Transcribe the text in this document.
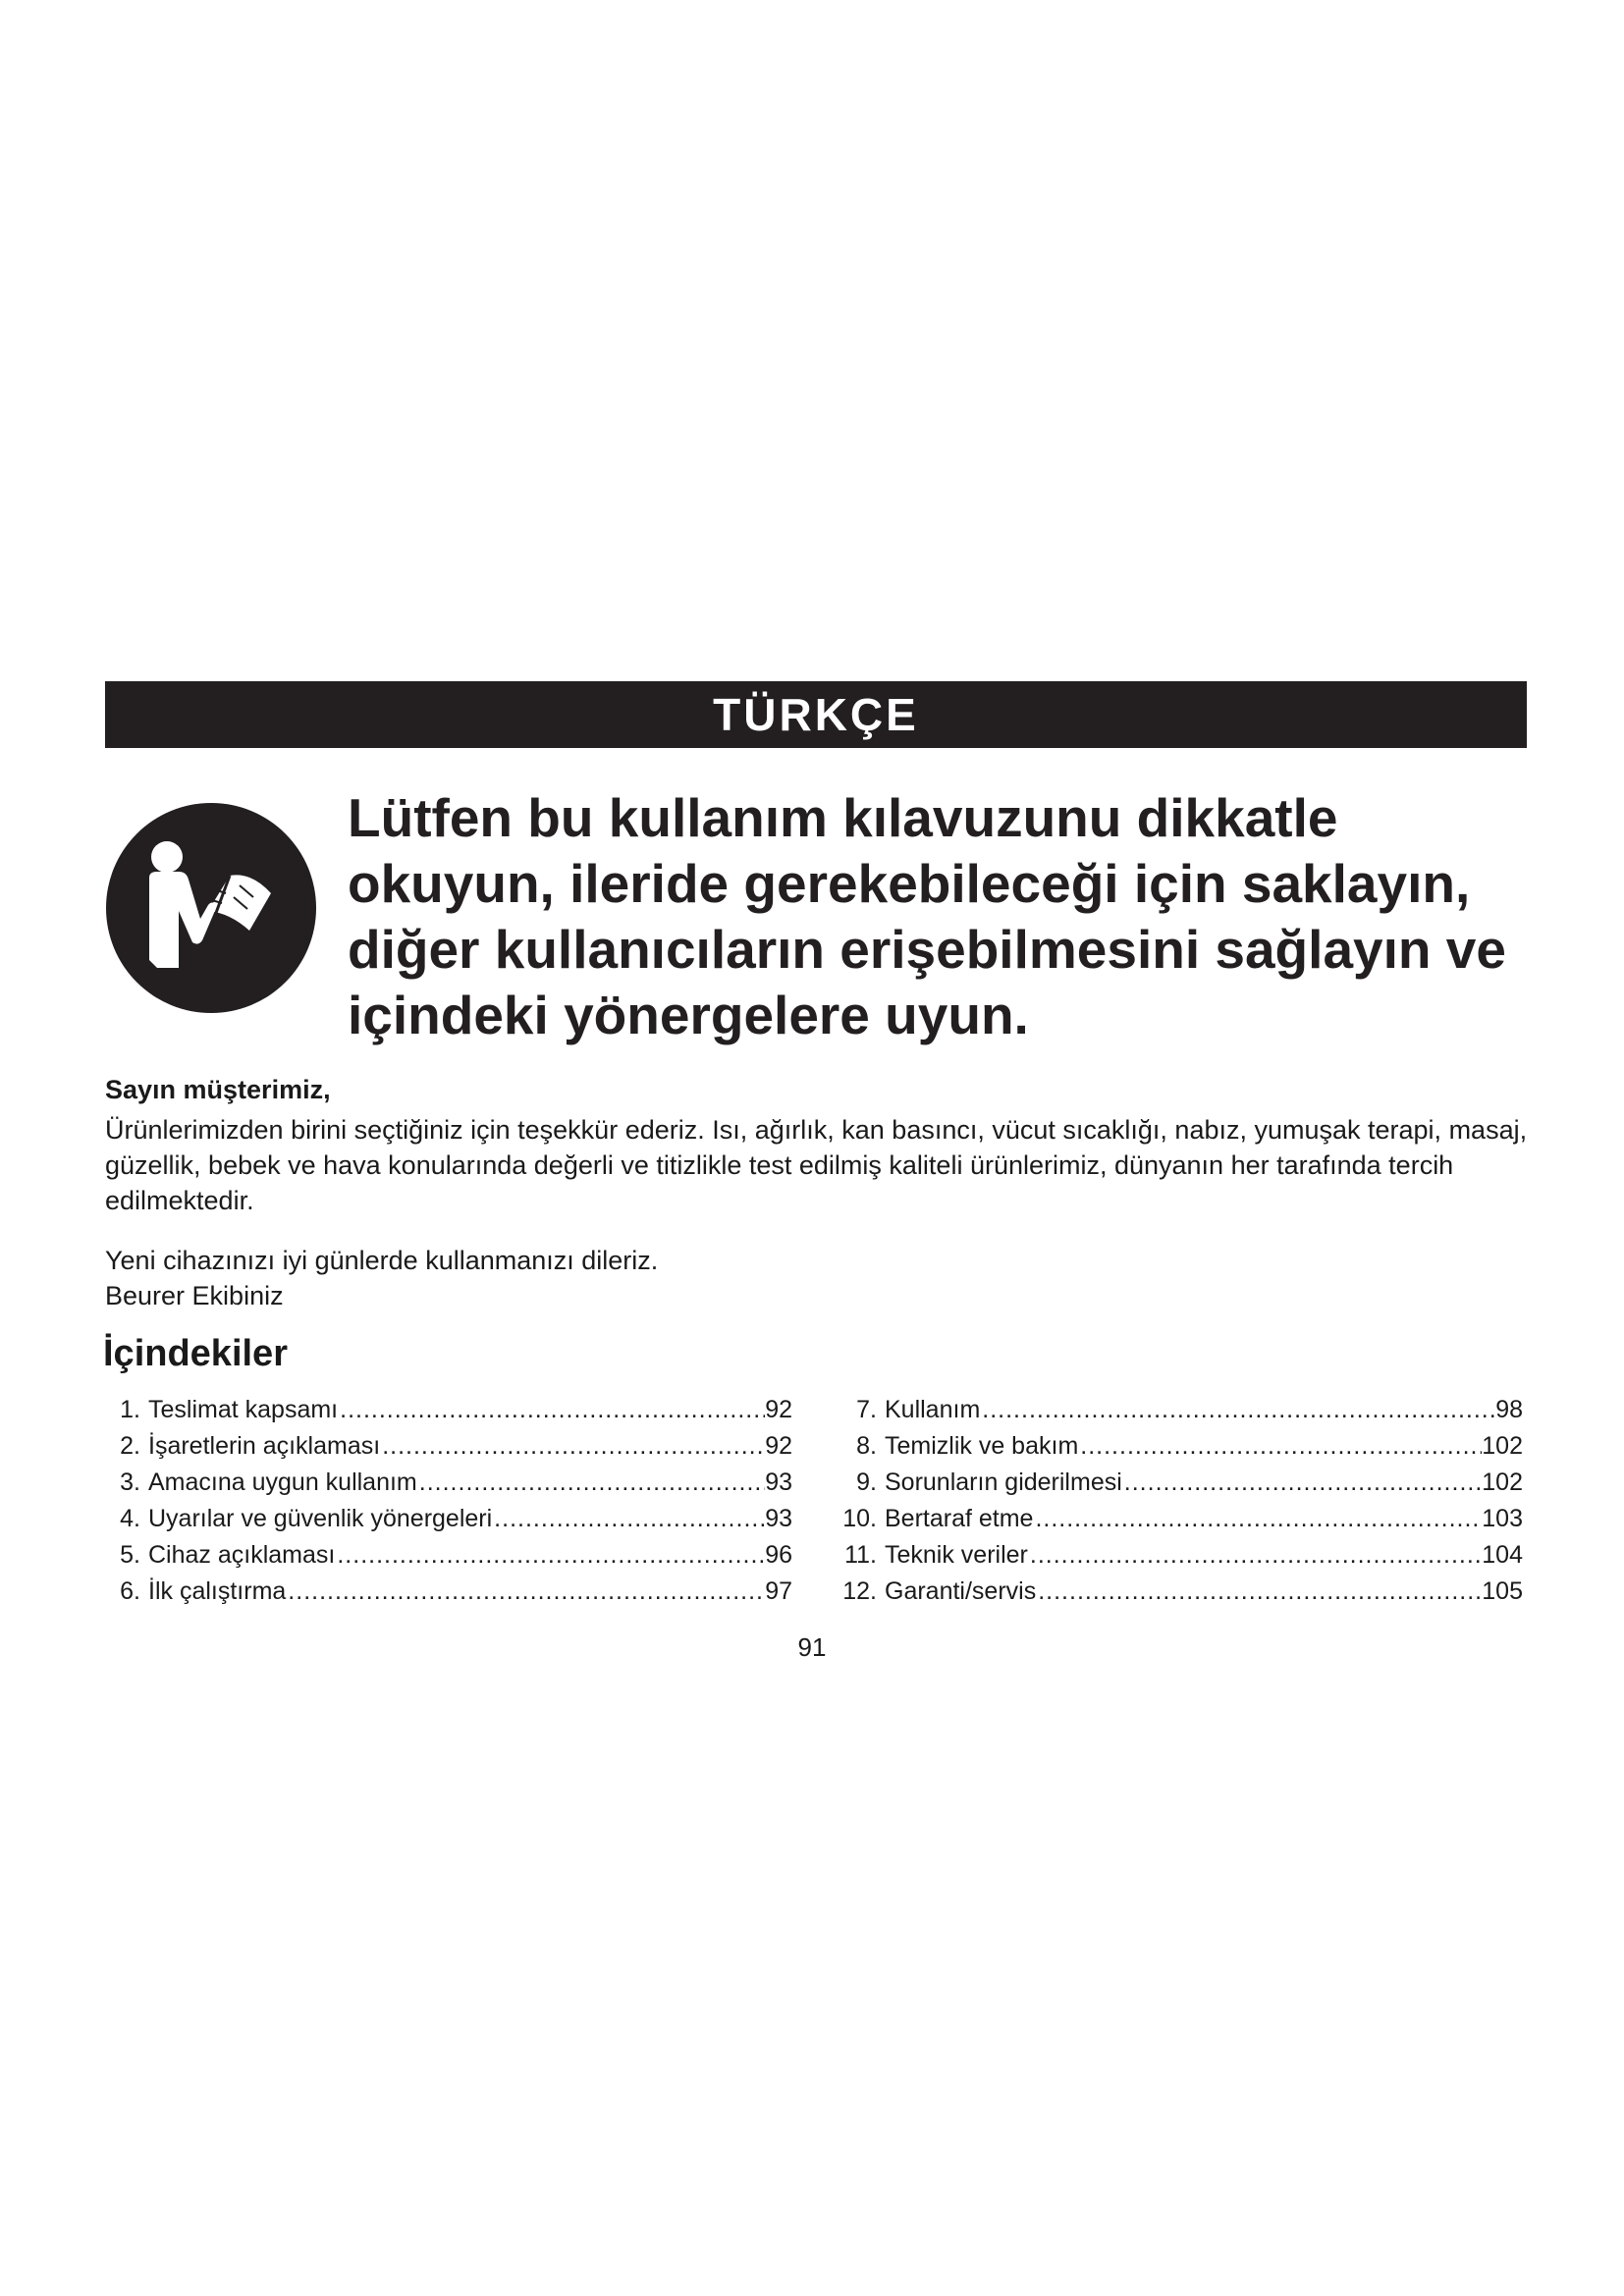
TÜRKÇE
Lütfen bu kullanım kılavuzunu dikkatle okuyun, ileride gerekebileceği için saklayın, diğer kullanıcıların erişebilmesini sağlayın ve içindeki yönergelere uyun.
Sayın müşterimiz,

Ürünlerimizden birini seçtiğiniz için teşekkür ederiz. Isı, ağırlık, kan basıncı, vücut sıcaklığı, nabız, yumuşak terapi, masaj, güzellik, bebek ve hava konularında değerli ve titizlikle test edilmiş kaliteli ürünlerimiz, dünyanın her tarafında tercih edilmektedir.

Yeni cihazınızı iyi günlerde kullanmanızı dileriz.
Beurer Ekibiniz
İçindekiler
1. Teslimat kapsamı .....	92
2. İşaretlerin açıklaması .....	92
3. Amacına uygun kullanım .....	93
4. Uyarılar ve güvenlik yönergeleri .....	93
5. Cihaz açıklaması .....	96
6. İlk çalıştırma .....	97
7. Kullanım .....	98
8. Temizlik ve bakım .....	102
9. Sorunların giderilmesi .....	102
10. Bertaraf etme .....	103
11. Teknik veriler .....	104
12. Garanti/servis .....	105
91
